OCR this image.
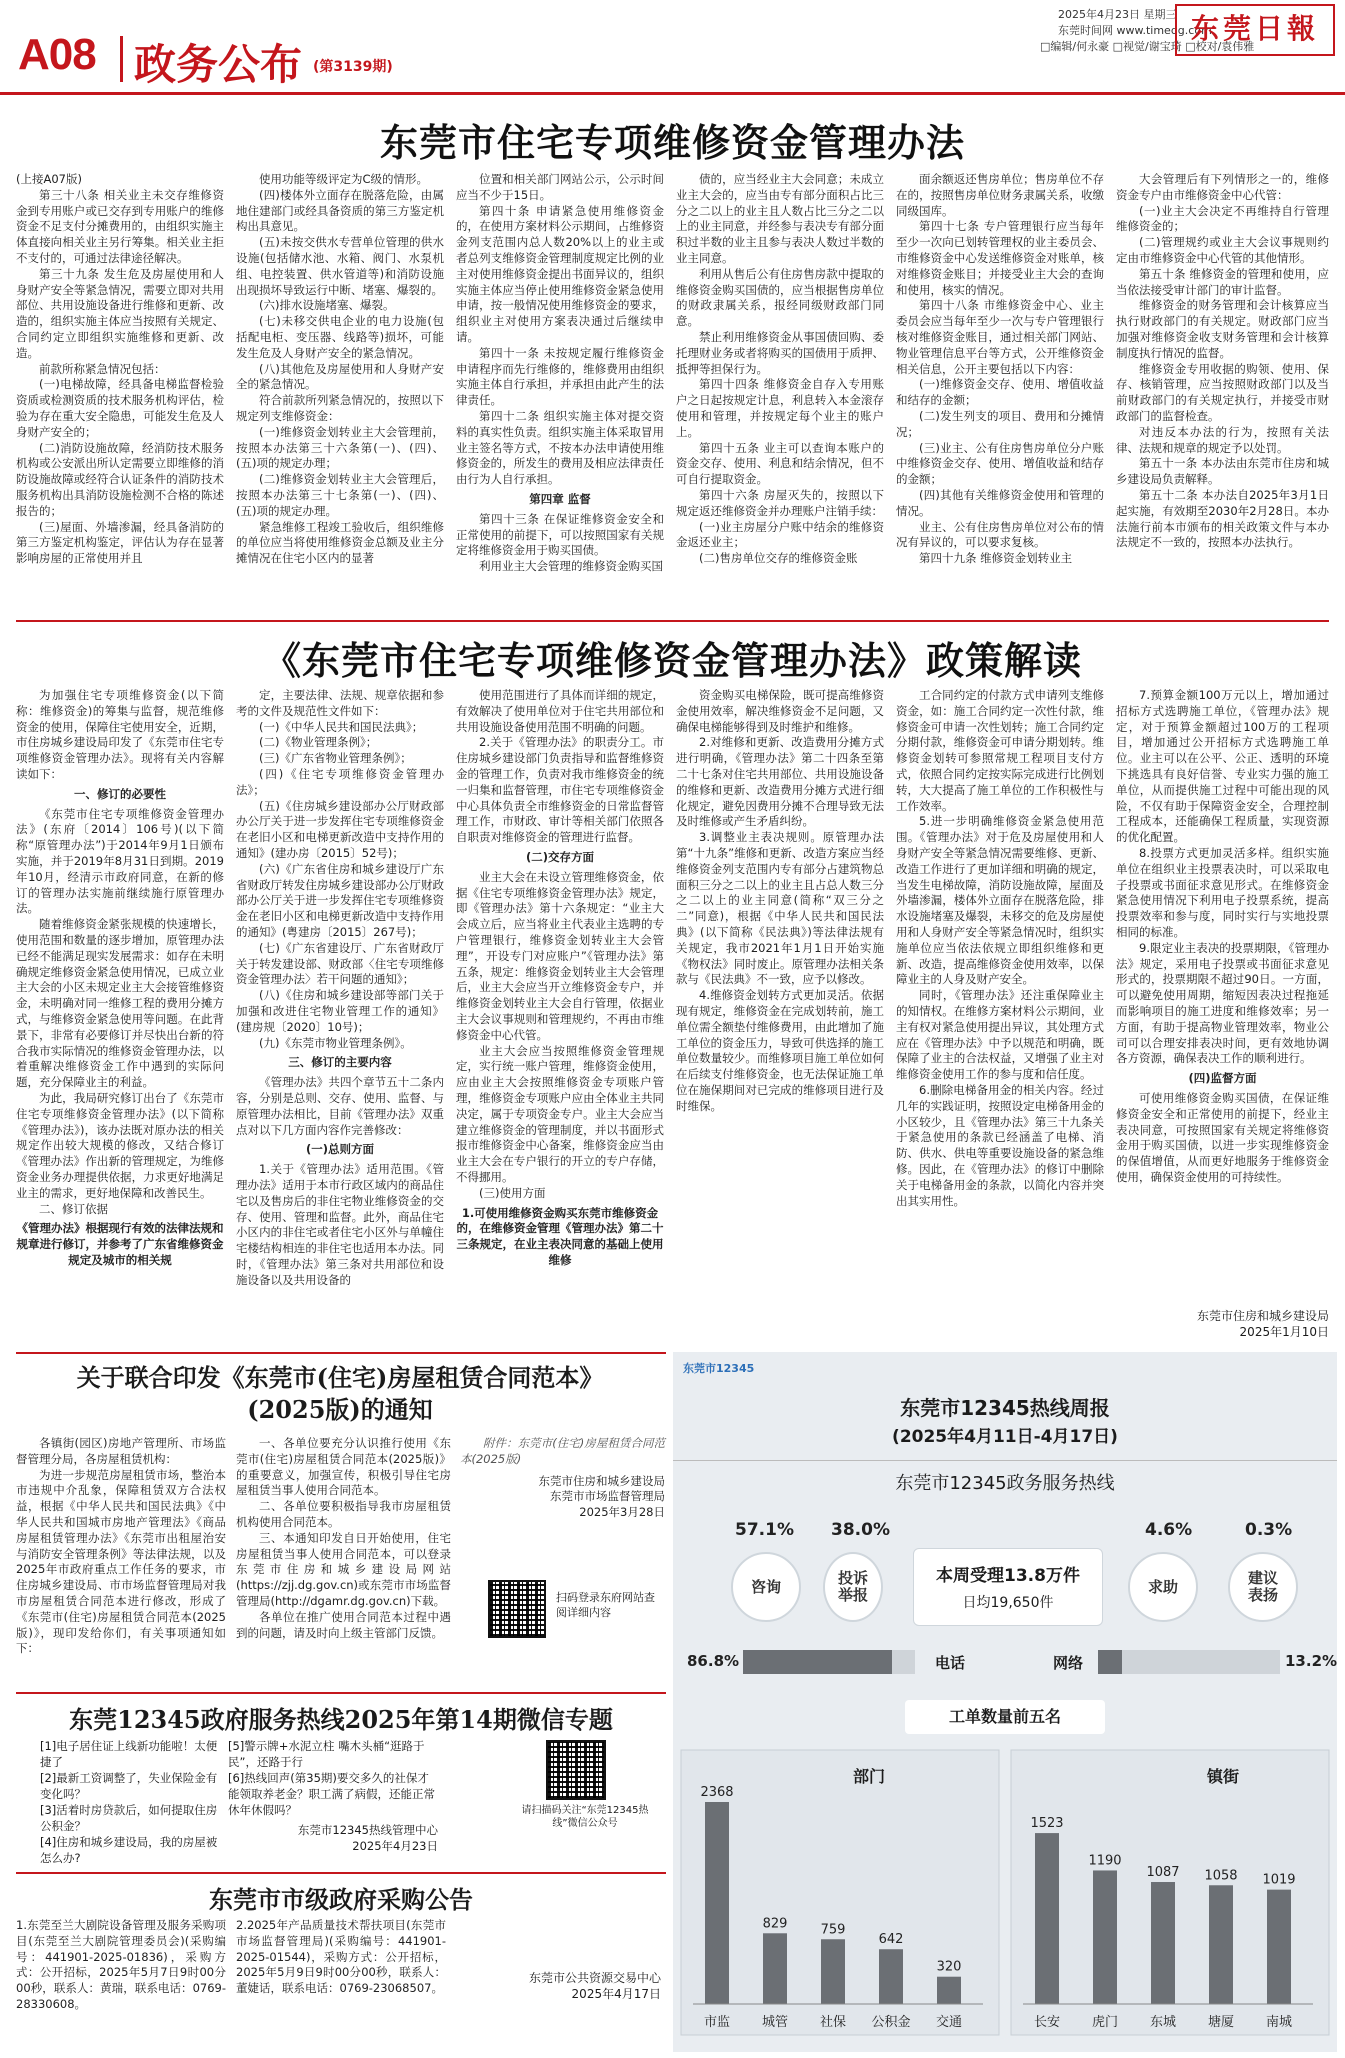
A08 政务公布 (第3139期)
2025年4月23日 星期三
东莞时间网 www.timedg.com
□编辑/何永豪 □视觉/谢宝琦 □校对/袁伟雅
东莞日報
东莞市住宅专项维修资金管理办法
(上接A07版)

第三十八条 相关业主未交存维修资金到专用账户或已交存到专用账户的维修资金不足支付分摊费用的，由组织实施主体直接向相关业主另行筹集。相关业主拒不支付的，可通过法律途径解决。

第三十九条 发生危及房屋使用和人身财产安全等紧急情况，需要立即对共用部位、共用设施设备进行维修和更新、改造的，组织实施主体应当按照有关规定、合同约定立即组织实施维修和更新、改造。

前款所称紧急情况包括：

(一)电梯故障，经具备电梯监督检验资质或检测资质的技术服务机构评估，检验为存在重大安全隐患，可能发生危及人身财产安全的；

(二)消防设施故障，经消防技术服务机构或公安派出所认定需要立即维修的消防设施故障或经符合认证条件的消防技术服务机构出具消防设施检测不合格的陈述报告的；

(三)屋面、外墙渗漏，经具备消防的第三方鉴定机构鉴定，评估认为存在显著影响房屋的正常使用并且

使用功能等级评定为C级的情形。

(四)楼体外立面存在脱落危险，由属地住建部门或经具备资质的第三方鉴定机构出具意见。

(五)未按交供水专营单位管理的供水设施(包括储水池、水箱、阀门、水泵机组、电控装置、供水管道等)和消防设施出现损坏导致运行中断、堵塞、爆裂的。

(六)排水设施堵塞、爆裂。

(七)未移交供电企业的电力设施(包括配电柜、变压器、线路等)损坏，可能发生危及人身财产安全的紧急情况。

(八)其他危及房屋使用和人身财产安全的紧急情况。

符合前款所列紧急情况的，按照以下规定列支维修资金：

(一)维修资金划转业主大会管理前，按照本办法第三十六条第(一)、(四)、(五)项的规定办理；

(二)维修资金划转业主大会管理后，按照本办法第三十七条第(一)、(四)、(五)项的规定办理。

紧急维修工程竣工验收后，组织维修的单位应当将使用维修资金总额及业主分摊情况在住宅小区内的显著

位置和相关部门网站公示，公示时间应当不少于15日。

第四十条 申请紧急使用维修资金的，在使用方案材料公示期间，占维修资金列支范围内总人数20%以上的业主或者总列支维修资金管理制度规定比例的业主对使用维修资金提出书面异议的，组织实施主体应当停止使用维修资金紧急使用申请，按一般情况使用维修资金的要求，组织业主对使用方案表决通过后继续申请。

第四十一条 未按规定履行维修资金申请程序而先行维修的，维修费用由组织实施主体自行承担，并承担由此产生的法律责任。

第四十二条 组织实施主体对提交资料的真实性负责。组织实施主体采取冒用业主签名等方式，不按本办法申请使用维修资金的，所发生的费用及相应法律责任由行为人自行承担。

第四章 监督

第四十三条 在保证维修资金安全和正常使用的前提下，可以按照国家有关规定将维修资金用于购买国债。

利用业主大会管理的维修资金购买国

债的，应当经业主大会同意；未成立业主大会的，应当由专有部分面积占比三分之二以上的业主且人数占比三分之二以上的业主同意，并经参与表决专有部分面积过半数的业主且参与表决人数过半数的业主同意。

利用从售后公有住房售房款中提取的维修资金购买国债的，应当根据售房单位的财政隶属关系，报经同级财政部门同意。

禁止利用维修资金从事国债回购、委托理财业务或者将购买的国债用于质押、抵押等担保行为。

第四十四条 维修资金自存入专用账户之日起按规定计息，利息转入本金滚存使用和管理，并按规定每个业主的账户上。

第四十五条 业主可以查询本账户的资金交存、使用、利息和结余情况，但不可自行提取资金。

第四十六条 房屋灭失的，按照以下规定返还维修资金并办理账户注销手续：

(一)业主房屋分户账中结余的维修资金返还业主；

(二)售房单位交存的维修资金账

面余额返还售房单位；售房单位不存在的，按照售房单位财务隶属关系，收缴同级国库。

第四十七条 专户管理银行应当每年至少一次向已划转管理权的业主委员会、市维修资金中心发送维修资金对账单，核对维修资金账目；并接受业主大会的查询和使用，核实的情况。

第四十八条 市维修资金中心、业主委员会应当每年至少一次与专户管理银行核对维修资金账目，通过相关部门网站、物业管理信息平台等方式，公开维修资金相关信息，公开主要包括以下内容：

(一)维修资金交存、使用、增值收益和结存的金额；

(二)发生列支的项目、费用和分摊情况；

(三)业主、公有住房售房单位分户账中维修资金交存、使用、增值收益和结存的金额；

(四)其他有关维修资金使用和管理的情况。

业主、公有住房售房单位对公布的情况有异议的，可以要求复核。

第四十九条 维修资金划转业主

大会管理后有下列情形之一的，维修资金专户由市维修资金中心代管：

(一)业主大会决定不再维持自行管理维修资金的；

(二)管理规约或业主大会议事规则约定由市维修资金中心代管的其他情形。

第五十条 维修资金的管理和使用，应当依法接受审计部门的审计监督。

维修资金的财务管理和会计核算应当执行财政部门的有关规定。财政部门应当加强对维修资金收支财务管理和会计核算制度执行情况的监督。

维修资金专用收据的购领、使用、保存、核销管理，应当按照财政部门以及当前财政部门的有关规定执行，并接受市财政部门的监督检查。

对违反本办法的行为，按照有关法律、法规和规章的规定予以处罚。

第五十一条 本办法由东莞市住房和城乡建设局负责解释。

第五十二条 本办法自2025年3月1日起实施，有效期至2030年2月28日。本办法施行前本市颁布的相关政策文件与本办法规定不一致的，按照本办法执行。

《东莞市住宅专项维修资金管理办法》政策解读

为加强住宅专项维修资金(以下简称：维修资金)的筹集与监督，规范维修资金的使用，保障住宅使用安全，近期，市住房城乡建设局印发了《东莞市住宅专项维修资金管理办法》。现将有关内容解读如下：

一、修订的必要性

《东莞市住宅专项维修资金管理办法》(东府〔2014〕106号)(以下简称“原管理办法”)于2014年9月1日颁布实施，并于2019年8月31日到期。2019年10月，经清示市政府同意，在新的修订的管理办法实施前继续施行原管理办法。

随着维修资金紧张规模的快速增长，使用范围和数量的逐步增加，原管理办法已经不能满足现实发展需求：如存在未明确规定维修资金紧急使用情况，已成立业主大会的小区未规定业主大会接管维修资金，未明确对同一维修工程的费用分摊方式，与维修资金紧急使用等问题。在此背景下，非常有必要修订并尽快出台新的符合我市实际情况的维修资金管理办法，以着重解决维修资金工作中遇到的实际问题，充分保障业主的利益。

为此，我局研究修订出台了《东莞市住宅专项维修资金管理办法》(以下简称《管理办法》)，该办法既对原办法的相关规定作出较大规模的修改，又结合修订《管理办法》作出新的管理规定，为维修资金业务办理提供依据，力求更好地满足业主的需求，更好地保障和改善民生。

二、修订依据

《管理办法》根据现行有效的法律法规和规章进行修订，并参考了广东省维修资金规定及城市的相关规

定，主要法律、法规、规章依据和参考的文件及规范性文件如下：

(一)《中华人民共和国民法典》；

(二)《物业管理条例》；

(三)《广东省物业管理条例》；

(四)《住宅专项维修资金管理办法》；

(五)《住房城乡建设部办公厅财政部办公厅关于进一步发挥住宅专项维修资金在老旧小区和电梯更新改造中支持作用的通知》(建办房〔2015〕52号)；

(六)《广东省住房和城乡建设厅广东省财政厅转发住房城乡建设部办公厅财政部办公厅关于进一步发挥住宅专项维修资金在老旧小区和电梯更新改造中支持作用的通知》(粤建房〔2015〕267号)；

(七)《广东省建设厅、广东省财政厅关于转发建设部、财政部〈住宅专项维修资金管理办法〉若干问题的通知》；

(八)《住房和城乡建设部等部门关于加强和改进住宅物业管理工作的通知》(建房规〔2020〕10号)；

(九)《东莞市物业管理条例》。

三、修订的主要内容

《管理办法》共四个章节五十二条内容，分别是总则、交存、使用、监督、与原管理办法相比，目前《管理办法》双重点对以下几方面内容作完善修改：

(一)总则方面

1.关于《管理办法》适用范围。《管理办法》适用于本市行政区域内的商品住宅以及售房后的非住宅物业维修资金的交存、使用、管理和监督。此外，商品住宅小区内的非住宅或者住宅小区外与单幢住宅楼结构相连的非住宅也适用本办法。同时，《管理办法》第三条对共用部位和设施设备以及共用设备的

使用范围进行了具体而详细的规定，有效解决了使用单位对于住宅共用部位和共用设施设备使用范围不明确的问题。

2.关于《管理办法》的职责分工。市住房城乡建设部门负责指导和监督维修资金的管理工作，负责对我市维修资金的统一归集和监督管理，市住宅专项维修资金中心具体负责全市维修资金的日常监督管理工作，市财政、审计等相关部门依照各自职责对维修资金的管理进行监督。

(二)交存方面

业主大会在未设立管理维修资金，依据《住宅专项维修资金管理办法》规定，即《管理办法》第十六条规定：“业主大会成立后，应当将业主代表业主选聘的专户管理银行，维修资金划转业主大会管理”，开设专门对应账户”《管理办法》第五条，规定：维修资金划转业主大会管理后，业主大会应当开立维修资金专户，并维修资金划转业主大会自行管理，依据业主大会议事规则和管理规约，不再由市维修资金中心代管。

业主大会应当按照维修资金管理规定，实行统一账户管理，维修资金使用，应由业主大会按照维修资金专项账户管理，维修资金专项账户应由全体业主共同决定，属于专项资金专户。业主大会应当建立维修资金的管理制度，并以书面形式报市维修资金中心备案，维修资金应当由业主大会在专户银行的开立的专户存储，不得挪用。

(三)使用方面

1.可使用维修资金购买东莞市维修资金的，在维修资金管理《管理办法》第二十三条规定，在业主表决同意的基础上使用维修

资金购买电梯保险，既可提高维修资金使用效率，解决维修资金不足问题，又确保电梯能够得到及时维护和维修。

2.对维修和更新、改造费用分摊方式进行明确，《管理办法》第二十四条至第二十七条对住宅共用部位、共用设施设备的维修和更新、改造费用分摊方式进行细化规定，避免因费用分摊不合理导致无法及时维修或产生矛盾纠纷。

3.调整业主表决规则。原管理办法第“十九条”维修和更新、改造方案应当经维修资金列支范围内专有部分占建筑物总面积三分之二以上的业主且占总人数三分之二以上的业主同意(简称“双三分之二”同意)，根据《中华人民共和国民法典》(以下简称《民法典》)等法律法规有关规定，我市2021年1月1日开始实施《物权法》同时废止。原管理办法相关条款与《民法典》不一致，应予以修改。

4.维修资金划转方式更加灵活。依据现有规定，维修资金在完成划转前，施工单位需全额垫付维修费用，由此增加了施工单位的资金压力，导致可供选择的施工单位数量较少。而维修项目施工单位如何在后续支付维修资金，也无法保证施工单位在施保期间对已完成的维修项目进行及时维保。

工合同约定的付款方式申请列支维修资金，如：施工合同约定一次性付款，维修资金可申请一次性划转；施工合同约定分期付款，维修资金可申请分期划转。维修资金划转可参照常规工程项目支付方式，依照合同约定按实际完成进行比例划转，大大提高了施工单位的工作积极性与工作效率。

5.进一步明确维修资金紧急使用范围。《管理办法》对于危及房屋使用和人身财产安全等紧急情况需要维修、更新、改造工作进行了更加详细和明确的规定，当发生电梯故障，消防设施故障，屋面及外墙渗漏，楼体外立面存在脱落危险，排水设施堵塞及爆裂，未移交的危及房屋使用和人身财产安全等紧急情况时，组织实施单位应当依法依规立即组织维修和更新、改造，提高维修资金使用效率，以保障业主的人身及财产安全。

同时，《管理办法》还注重保障业主的知情权。在维修方案材料公示期间，业主有权对紧急使用提出异议，其处理方式应在《管理办法》中予以规范和明确，既保障了业主的合法权益，又增强了业主对维修资金使用工作的参与度和信任度。

6.删除电梯备用金的相关内容。经过几年的实践证明，按照设定电梯备用金的小区较少，且《管理办法》第三十九条关于紧急使用的条款已经涵盖了电梯、消防、供水、供电等重要设施设备的紧急维修。因此，在《管理办法》的修订中删除关于电梯备用金的条款，以简化内容并突出其实用性。

7.预算金额100万元以上，增加通过招标方式选聘施工单位，《管理办法》规定，对于预算金额超过100万的工程项目，增加通过公开招标方式选聘施工单位。业主可以在公平、公正、透明的环境下挑选具有良好信誉、专业实力强的施工单位，从而提供施工过程中可能出现的风险，不仅有助于保障资金安全，合理控制工程成本，还能确保工程质量，实现资源的优化配置。

8.投票方式更加灵活多样。组织实施单位在组织业主投票表决时，可以采取电子投票或书面征求意见形式。在维修资金紧急使用情况下利用电子投票系统，提高投票效率和参与度，同时实行与实地投票相同的标准。

9.限定业主表决的投票期限，《管理办法》规定，采用电子投票或书面征求意见形式的，投票期限不超过90日。一方面，可以避免使用周期，缩短因表决过程拖延而影响项目的施工进度和维修效率；另一方面，有助于提高物业管理效率，物业公司可以合理安排表决时间，更有效地协调各方资源，确保表决工作的顺利进行。

(四)监督方面

可使用维修资金购买国债，在保证维修资金安全和正常使用的前提下，经业主表决同意，可按照国家有关规定将维修资金用于购买国债，以进一步实现维修资金的保值增值，从而更好地服务于维修资金使用，确保资金使用的可持续性。

东莞市住房和城乡建设局
2025年1月10日
关于联合印发《东莞市(住宅)房屋租赁合同范本》(2025版)的通知

各镇街(园区)房地产管理所、市场监督管理分局，各房屋租赁机构：

为进一步规范房屋租赁市场，整治本市违规中介乱象，保障租赁双方合法权益，根据《中华人民共和国民法典》《中华人民共和国城市房地产管理法》《商品房屋租赁管理办法》《东莞市出租屋治安与消防安全管理条例》等法律法规，以及2025年市政府重点工作任务的要求，市住房城乡建设局、市市场监督管理局对我市房屋租赁合同范本进行修改，形成了《东莞市(住宅)房屋租赁合同范本(2025版)》，现印发给你们，有关事项通知如下：

一、各单位要充分认识推行使用《东莞市(住宅)房屋租赁合同范本(2025版)》的重要意义，加强宣传，积极引导住宅房屋租赁当事人使用合同范本。

二、各单位要积极指导我市房屋租赁机构使用合同范本。

三、本通知印发自日开始使用，住宅房屋租赁当事人使用合同范本，可以登录东莞市住房和城乡建设局网站(https://zjj.dg.gov.cn)或东莞市市场监督管理局(http://dgamr.dg.gov.cn)下载。

各单位在推广使用合同范本过程中遇到的问题，请及时向上级主管部门反馈。

附件：东莞市(住宅)房屋租赁合同范本(2025版)
东莞市住房和城乡建设局
东莞市市场监督管理局
2025年3月28日
扫码登录东府网站查阅详细内容
东莞12345政府服务热线2025年第14期微信专题
[1]电子居住证上线新功能啦！太便捷了
[2]最新工资调整了，失业保险金有变化吗？
[3]活着时房贷款后，如何提取住房公积金？
[4]住房和城乡建设局，我的房屋被怎么办?
[5]警示牌+水泥立柱 嘴木头桶“逛路于民”，还路于行
[6]热线回声(第35期)要交多久的社保才能领取养老金？职工满了病假，还能正常休年休假吗？
东莞市12345热线管理中心
2025年4月23日
请扫描码关注“东莞12345热线”微信公众号
东莞市市级政府采购公告
1.东莞至兰大剧院设备管理及服务采购项目(东莞至兰大剧院管理委员会)(采购编号：441901-2025-01836)，采购方式：公开招标，2025年5月7日9时00分00秒，联系人：黄瑞，联系电话：0769-28330608。
2.2025年产品质量技术帮扶项目(东莞市市场监督管理局)(采购编号：441901-2025-01544)，采购方式：公开招标，2025年5月9日9时00分00秒，联系人：董婕话，联系电话：0769-23068507。
东莞市公共资源交易中心
2025年4月17日
东莞市12345
东莞市12345热线周报
(2025年4月11日-4月17日)
东莞市12345政务服务热线
57.1% 38.0%	4.6%	0.3%
咨询	投诉举报	求助	建议表扬
本周受理13.8万件
日均19,650件
86.8%	电话	网络	13.2%
工单数量前五名
2368
市监
829
城管
759
社保
642
公积金
320
交通
1523
长安
1190
虎门
1087
东城
1058
塘厦
1019
南城
部门	镇街
